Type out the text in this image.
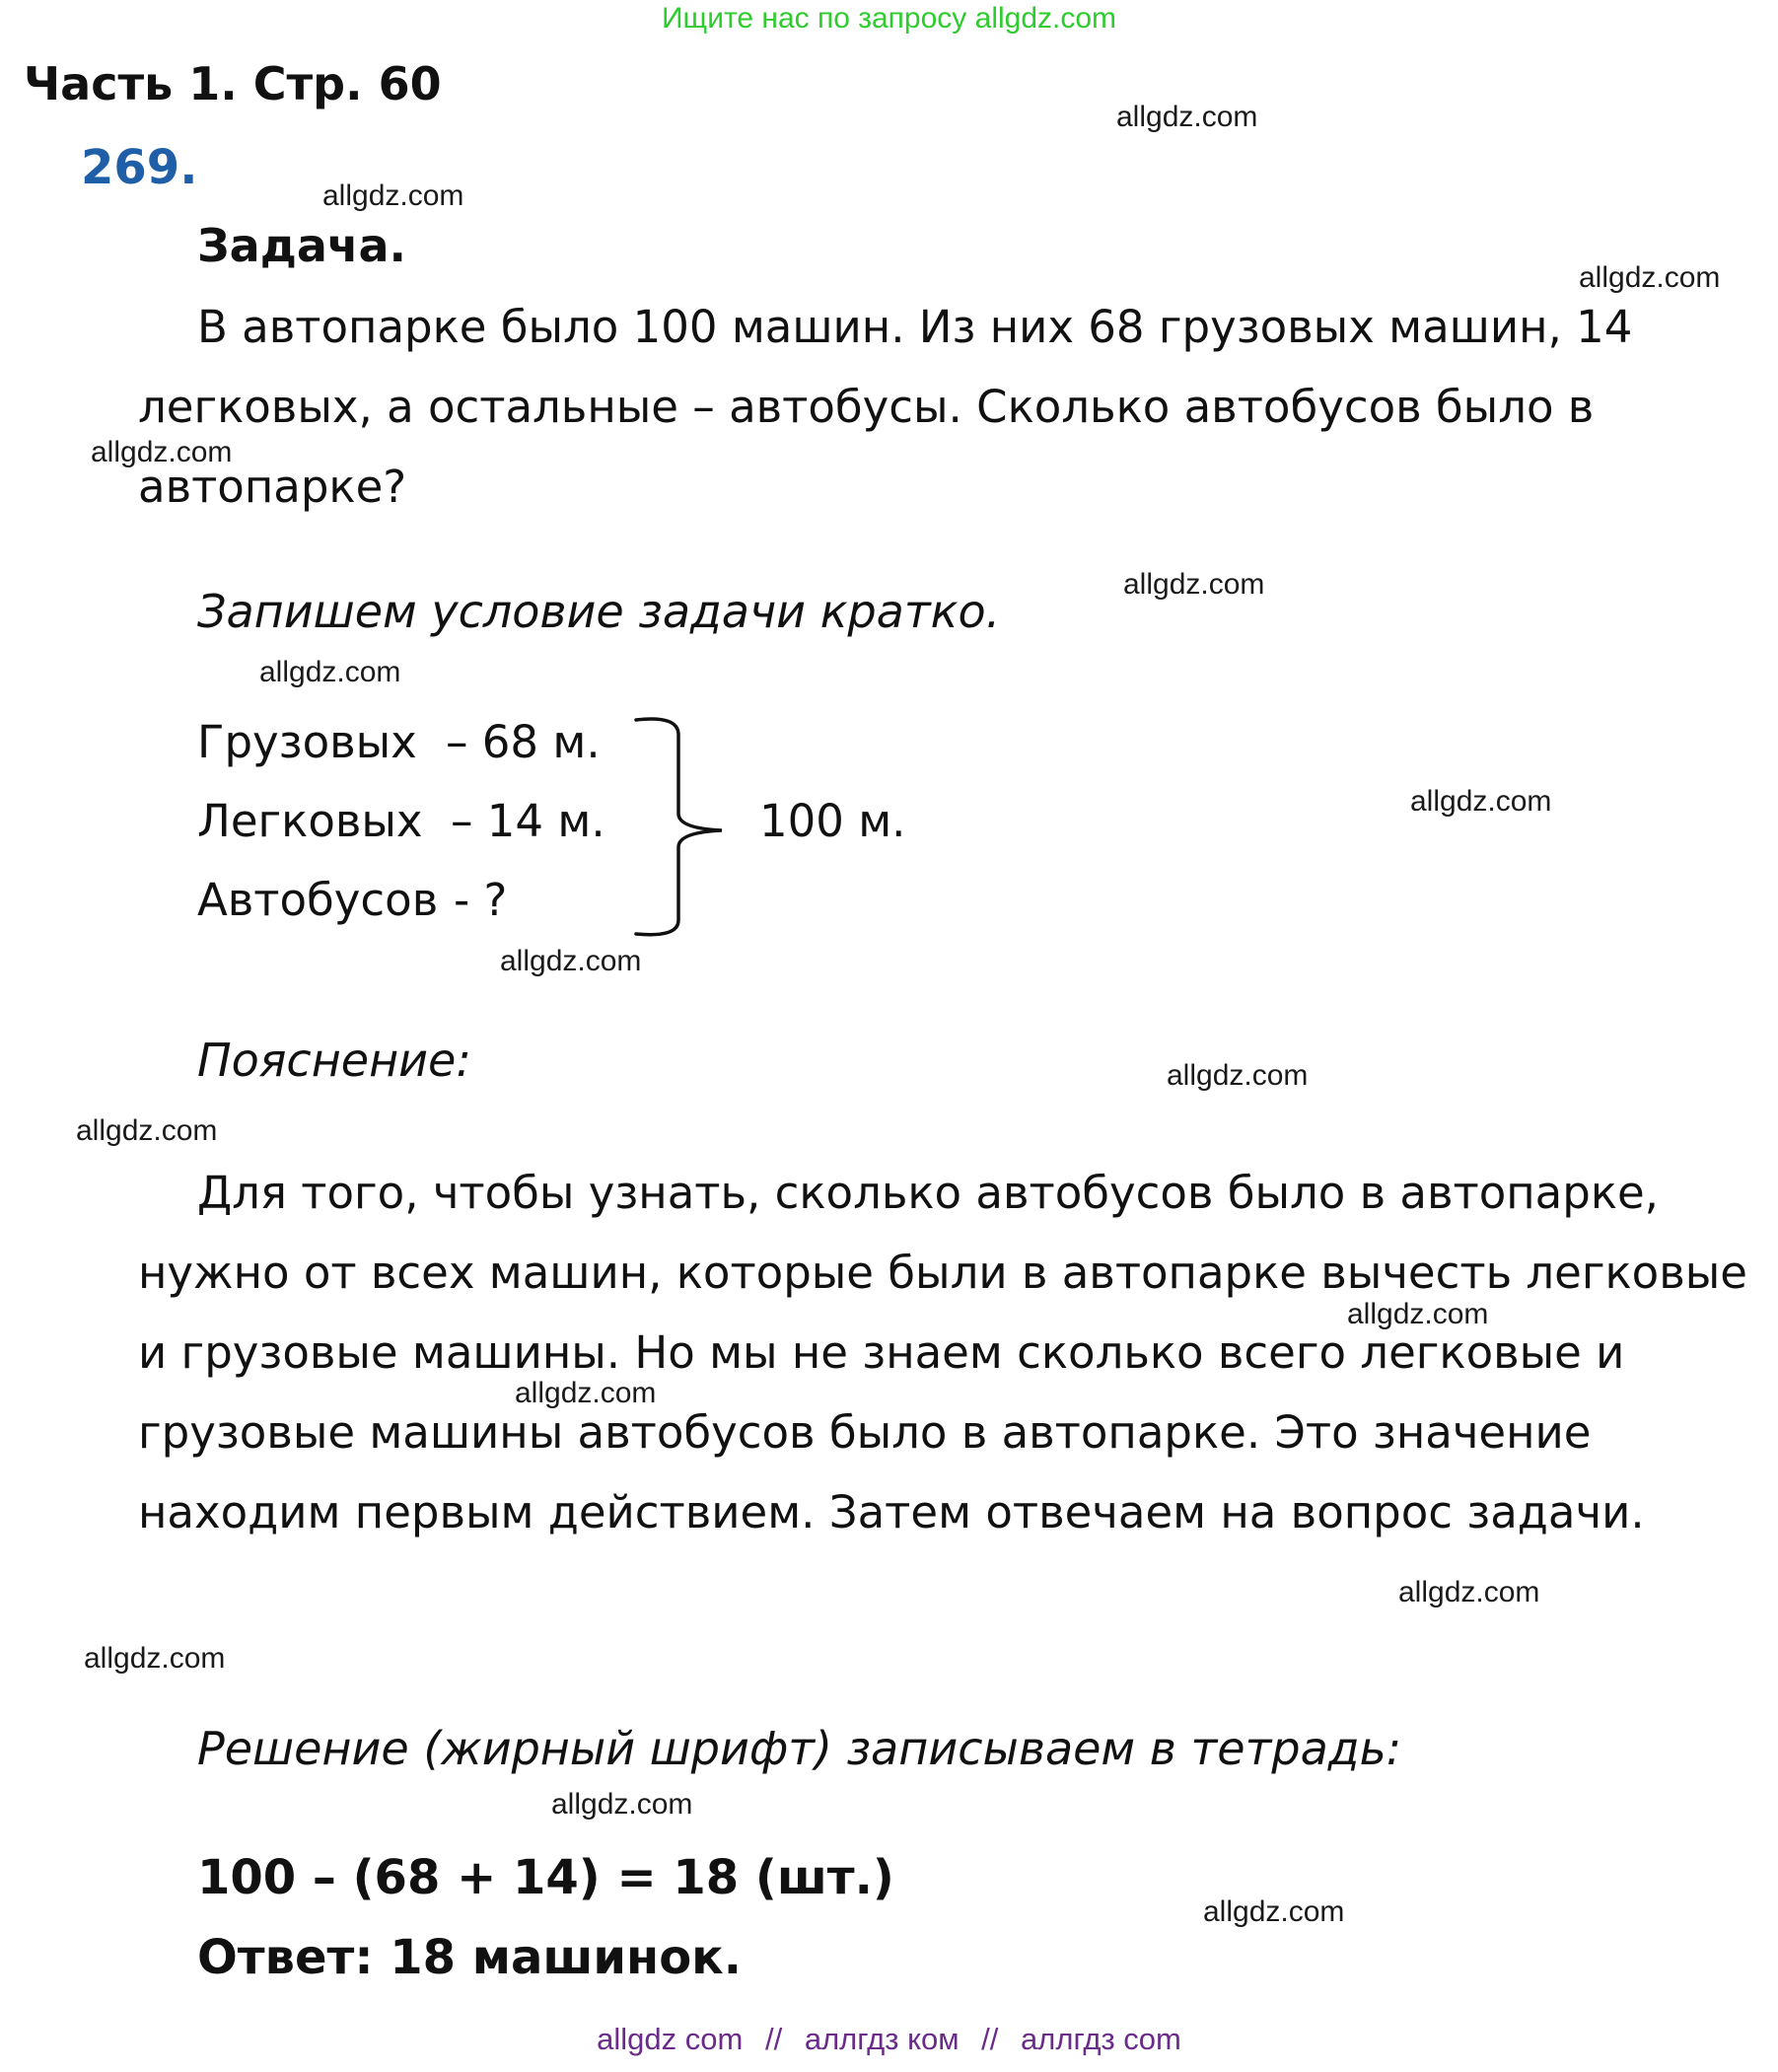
Ищите нас по запросу allgdz.com
Часть 1. Стр. 60
269.
Задача.

В автопарке было 100 машин. Из них 68 грузовых машин, 14 легковых, а остальные – автобусы. Сколько автобусов было в автопарке?

Запишем условие задачи кратко.
Грузовых – 68 м.
Легковых – 14 м.
Автобусов - ?
100 м.
Пояснение:

Для того, чтобы узнать, сколько автобусов было в автопарке, нужно от всех машин, которые были в автопарке вычесть легковые и грузовые машины. Но мы не знаем сколько всего легковые и грузовые машины автобусов было в автопарке. Это значение находим первым действием. Затем отвечаем на вопрос задачи.

Решение (жирный шрифт) записываем в тетрадь:
100 – (68 + 14) = 18 (шт.)
Ответ: 18 машинок.
allgdz.com
allgdz.com
allgdz.com
allgdz.com
allgdz.com
allgdz.com
allgdz.com
allgdz.com
allgdz.com
allgdz.com
allgdz.com
allgdz.com
allgdz.com
allgdz.com
allgdz.com
allgdz.com
allgdz com // аллгдз ком // аллгдз com
